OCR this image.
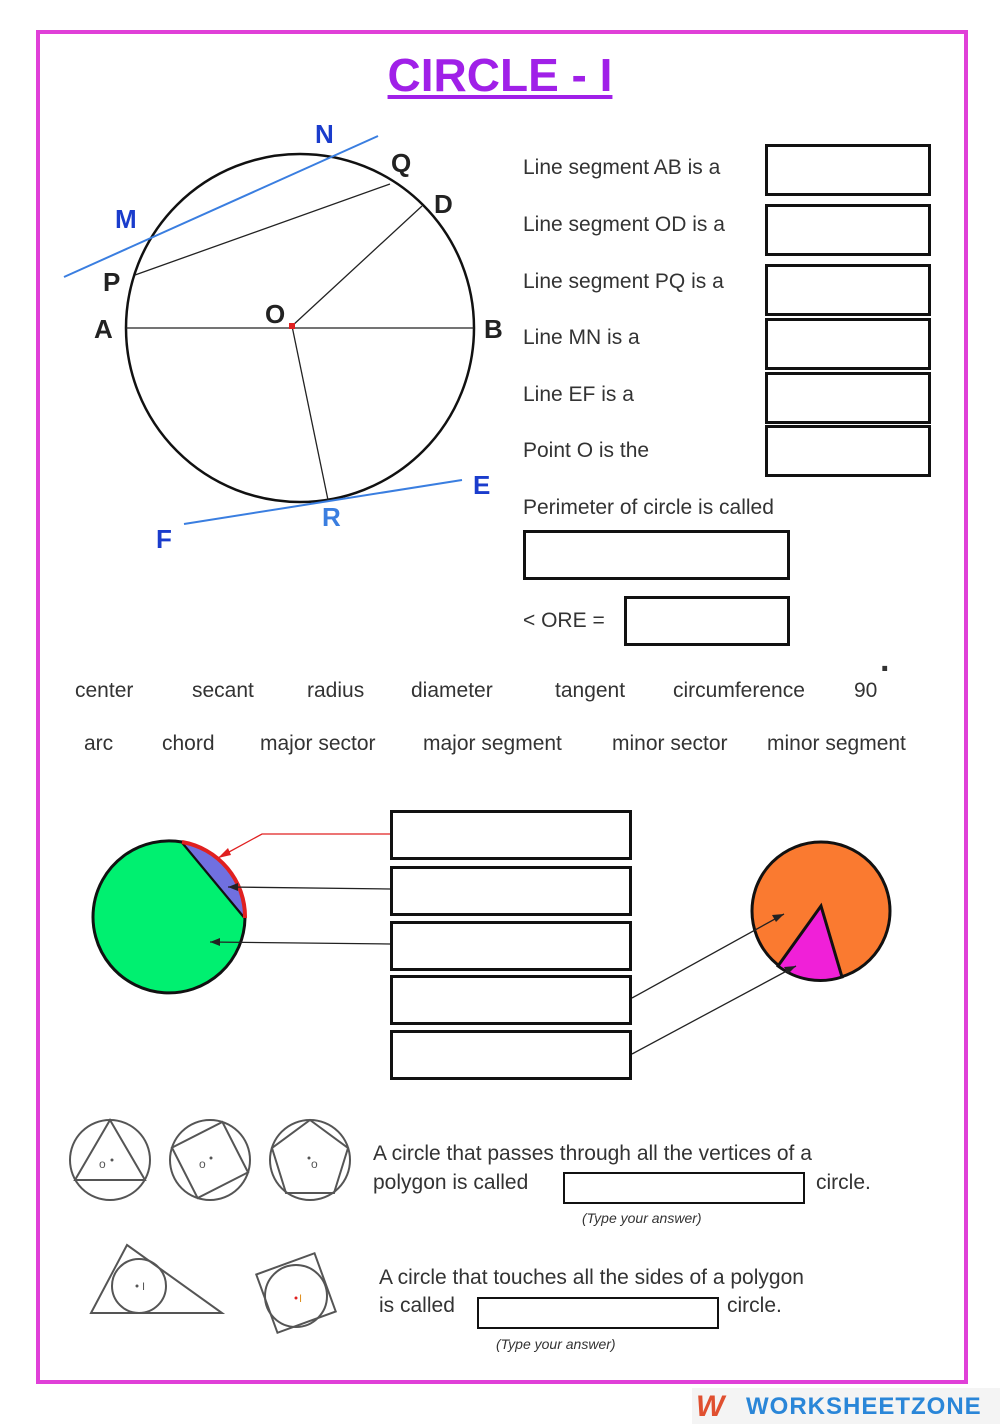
CIRCLE - I
N
Q
D
M
P
O
A	B
E
F
R
Line segment AB is a
Line segment OD is a
Line segment PQ is a
Line MN is a
Line EF is a
Point O is the
Perimeter of circle is called
< ORE =
center	secant	radius diameter	tangent circumference 90
·
arc chord major sector major segment minor sector minor segment
o	o	o	A circle that passes through all the vertices of a
polygon is called	circle.
(Type your answer)
I
I
A circle that touches all the sides of a polygon
is called	circle.
(Type your answer)
W WORKSHEETZONE
